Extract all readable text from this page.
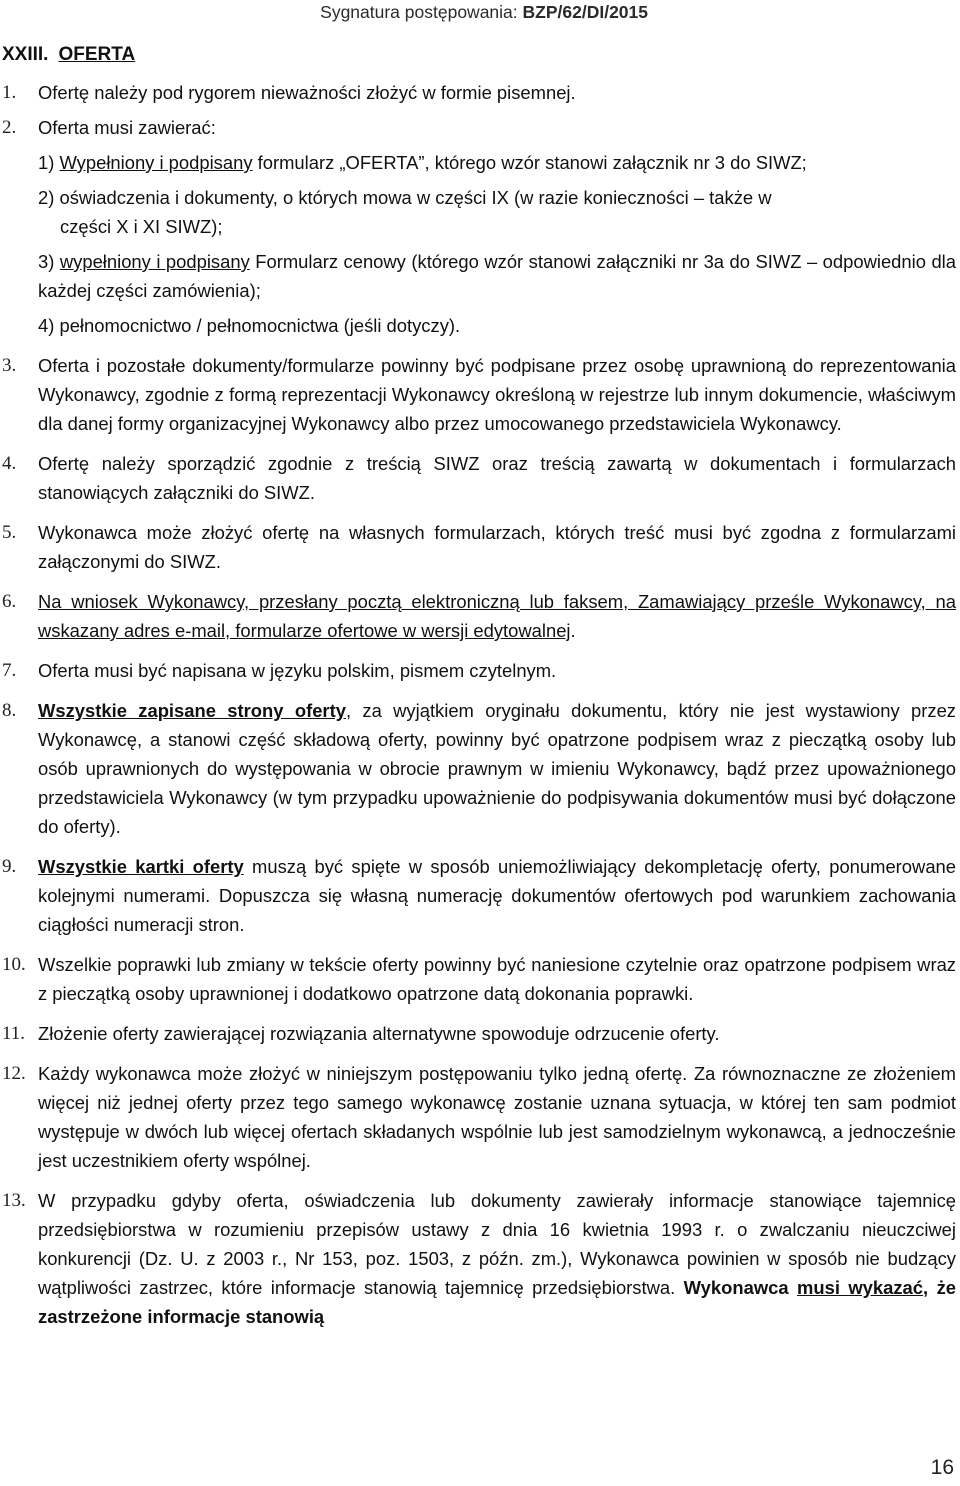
Sygnatura postępowania: BZP/62/DI/2015
XXIII. OFERTA
1. Ofertę należy pod rygorem nieważności złożyć w formie pisemnej.
2. Oferta musi zawierać:
1) Wypełniony i podpisany formularz „OFERTA”, którego wzór stanowi załącznik nr 3 do SIWZ;
2) oświadczenia i dokumenty, o których mowa w części IX (w razie konieczności – także w
części X i XI SIWZ);
3) wypełniony i podpisany Formularz cenowy (którego wzór stanowi załączniki nr 3a do SIWZ – odpowiednio dla każdej części zamówienia);
4) pełnomocnictwo / pełnomocnictwa (jeśli dotyczy).
3. Oferta i pozostałe dokumenty/formularze powinny być podpisane przez osobę uprawnioną do reprezentowania Wykonawcy, zgodnie z formą reprezentacji Wykonawcy określoną w rejestrze lub innym dokumencie, właściwym dla danej formy organizacyjnej Wykonawcy albo przez umocowanego przedstawiciela Wykonawcy.
4. Ofertę należy sporządzić zgodnie z treścią SIWZ oraz treścią zawartą w dokumentach i formularzach stanowiących załączniki do SIWZ.
5. Wykonawca może złożyć ofertę na własnych formularzach, których treść musi być zgodna z formularzami załączonymi do SIWZ.
6. Na wniosek Wykonawcy, przesłany pocztą elektroniczną lub faksem, Zamawiający prześle Wykonawcy, na wskazany adres e-mail, formularze ofertowe w wersji edytowalnej.
7. Oferta musi być napisana w języku polskim, pismem czytelnym.
8. Wszystkie zapisane strony oferty, za wyjątkiem oryginału dokumentu, który nie jest wystawiony przez Wykonawcę, a stanowi część składową oferty, powinny być opatrzone podpisem wraz z pieczątką osoby lub osób uprawnionych do występowania w obrocie prawnym w imieniu Wykonawcy, bądź przez upoważnionego przedstawiciela Wykonawcy (w tym przypadku upoważnienie do podpisywania dokumentów musi być dołączone do oferty).
9. Wszystkie kartki oferty muszą być spięte w sposób uniemożliwiający dekompletację oferty, ponumerowane kolejnymi numerami. Dopuszcza się własną numerację dokumentów ofertowych pod warunkiem zachowania ciągłości numeracji stron.
10. Wszelkie poprawki lub zmiany w tekście oferty powinny być naniesione czytelnie oraz opatrzone podpisem wraz z pieczątką osoby uprawnionej i dodatkowo opatrzone datą dokonania poprawki.
11. Złożenie oferty zawierającej rozwiązania alternatywne spowoduje odrzucenie oferty.
12. Każdy wykonawca może złożyć w niniejszym postępowaniu tylko jedną ofertę. Za równoznaczne ze złożeniem więcej niż jednej oferty przez tego samego wykonawcę zostanie uznana sytuacja, w której ten sam podmiot występuje w dwóch lub więcej ofertach składanych wspólnie lub jest samodzielnym wykonawcą, a jednocześnie jest uczestnikiem oferty wspólnej.
13. W przypadku gdyby oferta, oświadczenia lub dokumenty zawierały informacje stanowiące tajemnicę przedsiębiorstwa w rozumieniu przepisów ustawy z dnia 16 kwietnia 1993 r. o zwalczaniu nieuczciwej konkurencji (Dz. U. z 2003 r., Nr 153, poz. 1503, z późn. zm.), Wykonawca powinien w sposób nie budzący wątpliwości zastrzec, które informacje stanowią tajemnicę przedsiębiorstwa. Wykonawca musi wykazać, że zastrzeżone informacje stanowią
16
